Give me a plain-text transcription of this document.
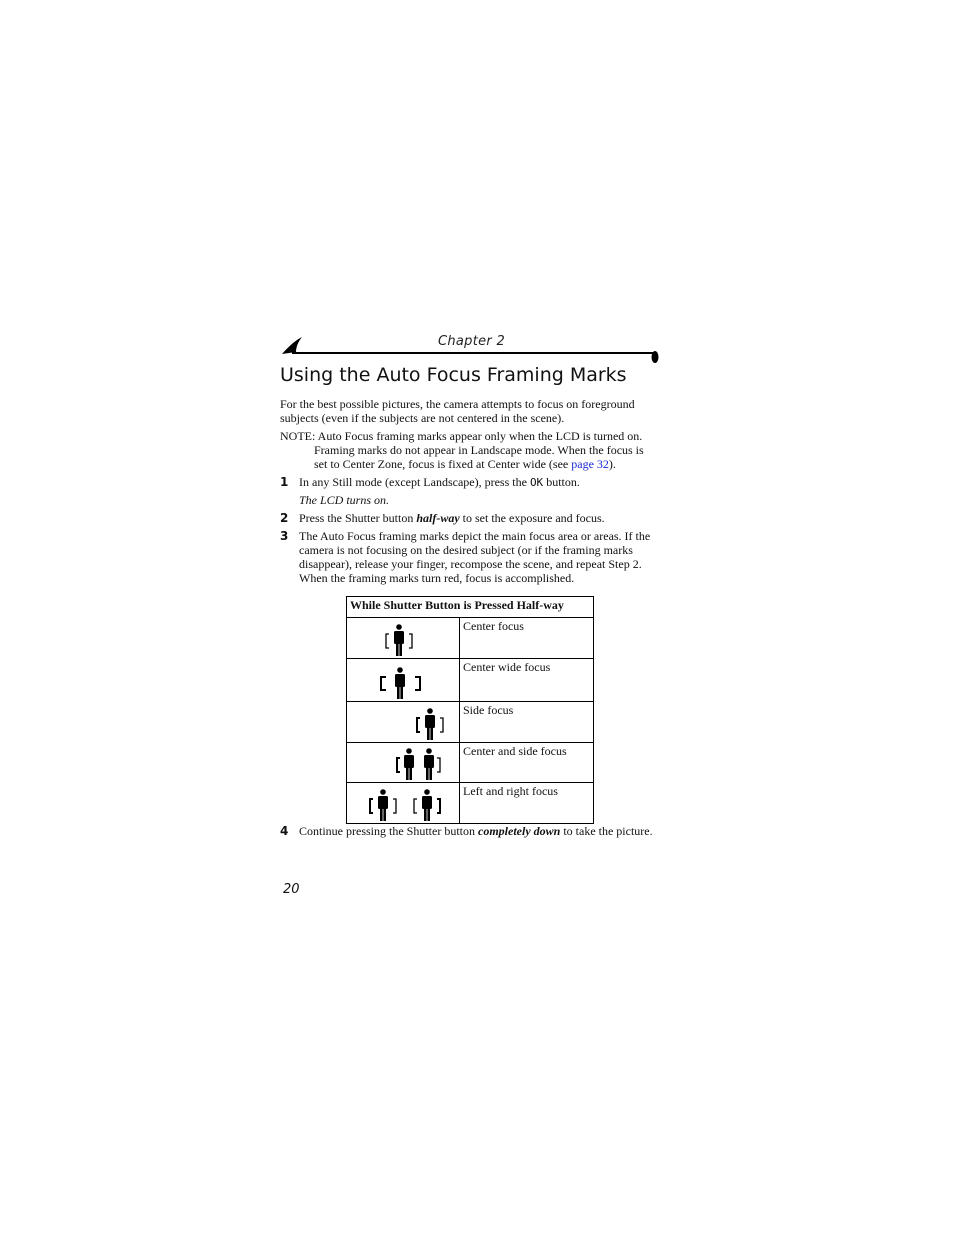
Chapter 2
Using the Auto Focus Framing Marks
For the best possible pictures, the camera attempts to focus on foreground subjects (even if the subjects are not centered in the scene).
NOTE: Auto Focus framing marks appear only when the LCD is turned on.
Framing marks do not appear in Landscape mode. When the focus is set to Center Zone, focus is fixed at Center wide (see page 32).
1 In any Still mode (except Landscape), press the OK button.
The LCD turns on.
2 Press the Shutter button half-way to set the exposure and focus.
3 The Auto Focus framing marks depict the main focus area or areas. If the camera is not focusing on the desired subject (or if the framing marks disappear), release your finger, recompose the scene, and repeat Step 2. When the framing marks turn red, focus is accomplished.
While Shutter Button is Pressed Half-way	

	Center focus

	Center wide focus

	Side focus

	Center and side focus

	Left and right focus
4 Continue pressing the Shutter button completely down to take the picture.
20
